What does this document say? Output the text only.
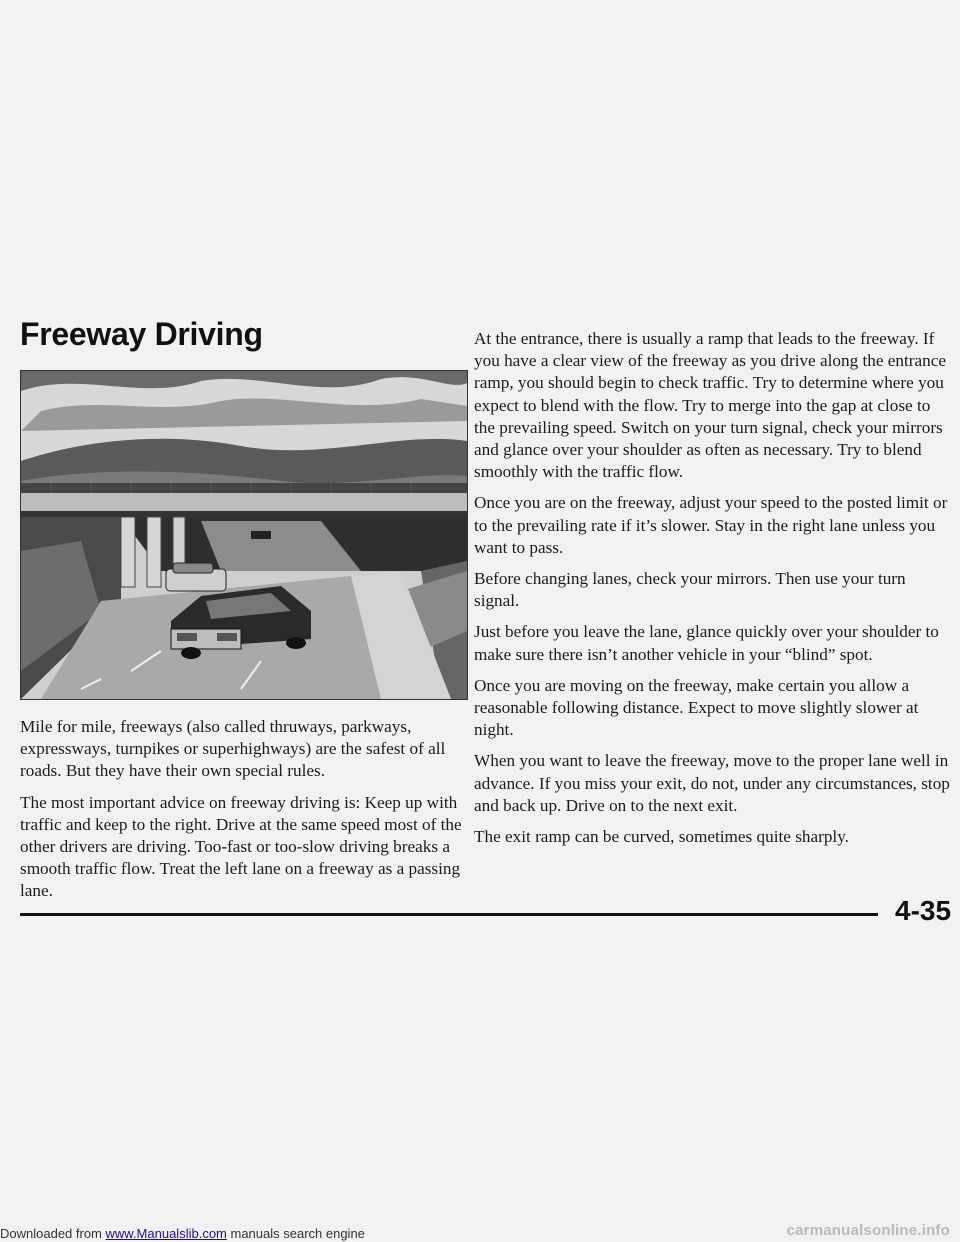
Downloaded from www.Manualslib.com manuals search engine	carmanualsonline.info
Freeway Driving

Mile for mile, freeways (also called thruways, parkways, expressways, turnpikes or superhighways) are the safest of all roads. But they have their own special rules.

The most important advice on freeway driving is: Keep up with traffic and keep to the right. Drive at the same speed most of the other drivers are driving. Too-fast or too-slow driving breaks a smooth traffic flow. Treat the left lane on a freeway as a passing lane.

At the entrance, there is usually a ramp that leads to the freeway. If you have a clear view of the freeway as you drive along the entrance ramp, you should begin to check traffic. Try to determine where you expect to blend with the flow. Try to merge into the gap at close to the prevailing speed. Switch on your turn signal, check your mirrors and glance over your shoulder as often as necessary. Try to blend smoothly with the traffic flow.

Once you are on the freeway, adjust your speed to the posted limit or to the prevailing rate if it’s slower. Stay in the right lane unless you want to pass.

Before changing lanes, check your mirrors. Then use your turn signal.

Just before you leave the lane, glance quickly over your shoulder to make sure there isn’t another vehicle in your “blind” spot.

Once you are moving on the freeway, make certain you allow a reasonable following distance. Expect to move slightly slower at night.

When you want to leave the freeway, move to the proper lane well in advance. If you miss your exit, do not, under any circumstances, stop and back up. Drive on to the next exit.

The exit ramp can be curved, sometimes quite sharply.

4-35
